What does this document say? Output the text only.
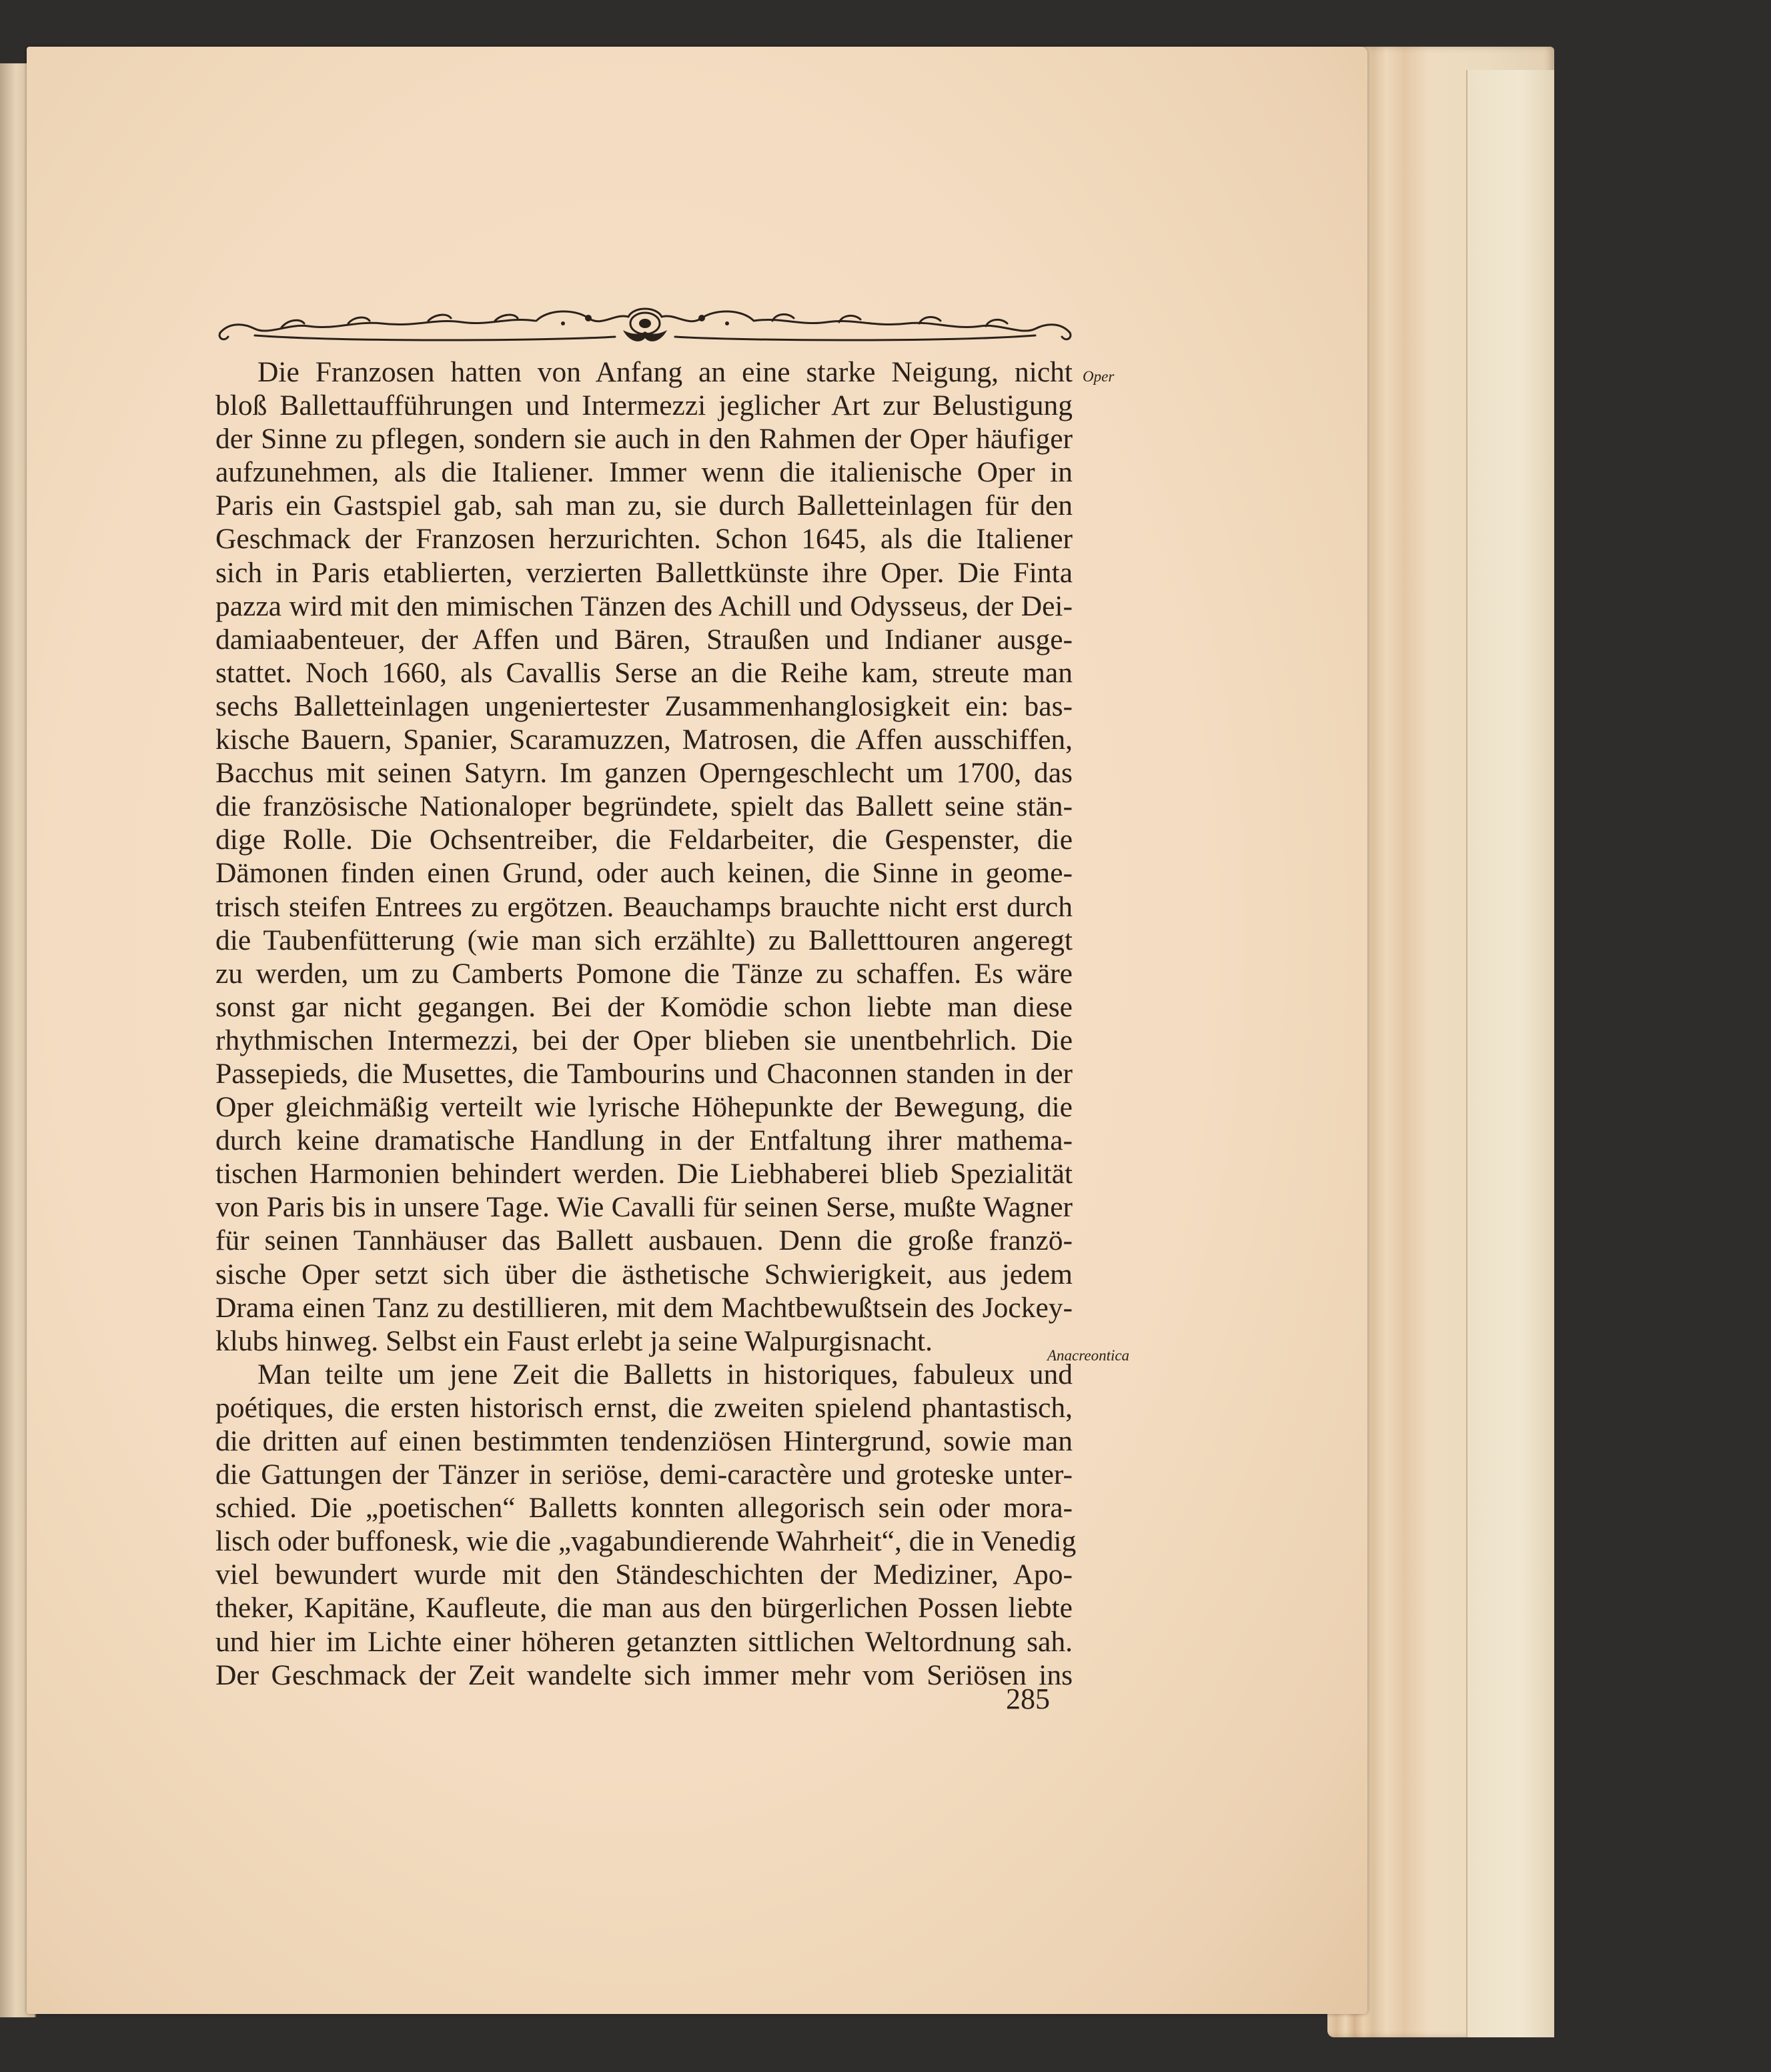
Die Franzosen hatten von Anfang an eine starke Neigung, nicht
bloß Ballettaufführungen und Intermezzi jeglicher Art zur Belustigung
der Sinne zu pflegen, sondern sie auch in den Rahmen der Oper häufiger
aufzunehmen, als die Italiener. Immer wenn die italienische Oper in
Paris ein Gastspiel gab, sah man zu, sie durch Balletteinlagen für den
Geschmack der Franzosen herzurichten. Schon 1645, als die Italiener
sich in Paris etablierten, verzierten Ballettkünste ihre Oper. Die Finta
pazza wird mit den mimischen Tänzen des Achill und Odysseus, der Dei-
damiaabenteuer, der Affen und Bären, Straußen und Indianer ausge-
stattet. Noch 1660, als Cavallis Serse an die Reihe kam, streute man
sechs Balletteinlagen ungeniertester Zusammenhanglosigkeit ein: bas-
kische Bauern, Spanier, Scaramuzzen, Matrosen, die Affen ausschiffen,
Bacchus mit seinen Satyrn. Im ganzen Operngeschlecht um 1700, das
die französische Nationaloper begründete, spielt das Ballett seine stän-
dige Rolle. Die Ochsentreiber, die Feldarbeiter, die Gespenster, die
Dämonen finden einen Grund, oder auch keinen, die Sinne in geome-
trisch steifen Entrees zu ergötzen. Beauchamps brauchte nicht erst durch
die Taubenfütterung (wie man sich erzählte) zu Balletttouren angeregt
zu werden, um zu Camberts Pomone die Tänze zu schaffen. Es wäre
sonst gar nicht gegangen. Bei der Komödie schon liebte man diese
rhythmischen Intermezzi, bei der Oper blieben sie unentbehrlich. Die
Passepieds, die Musettes, die Tambourins und Chaconnen standen in der
Oper gleichmäßig verteilt wie lyrische Höhepunkte der Bewegung, die
durch keine dramatische Handlung in der Entfaltung ihrer mathema-
tischen Harmonien behindert werden. Die Liebhaberei blieb Spezialität
von Paris bis in unsere Tage. Wie Cavalli für seinen Serse, mußte Wagner
für seinen Tannhäuser das Ballett ausbauen. Denn die große franzö-
sische Oper setzt sich über die ästhetische Schwierigkeit, aus jedem
Drama einen Tanz zu destillieren, mit dem Machtbewußtsein des Jockey-
klubs hinweg. Selbst ein Faust erlebt ja seine Walpurgisnacht.
Man teilte um jene Zeit die Balletts in historiques, fabuleux und
poétiques, die ersten historisch ernst, die zweiten spielend phantastisch,
die dritten auf einen bestimmten tendenziösen Hintergrund, sowie man
die Gattungen der Tänzer in seriöse, demi-caractère und groteske unter-
schied. Die „poetischen“ Balletts konnten allegorisch sein oder mora-
lisch oder buffonesk, wie die „vagabundierende Wahrheit“, die in Venedig
viel bewundert wurde mit den Ständeschichten der Mediziner, Apo-
theker, Kapitäne, Kaufleute, die man aus den bürgerlichen Possen liebte
und hier im Lichte einer höheren getanzten sittlichen Weltordnung sah.
Der Geschmack der Zeit wandelte sich immer mehr vom Seriösen ins
Oper
Anacreontica
285
